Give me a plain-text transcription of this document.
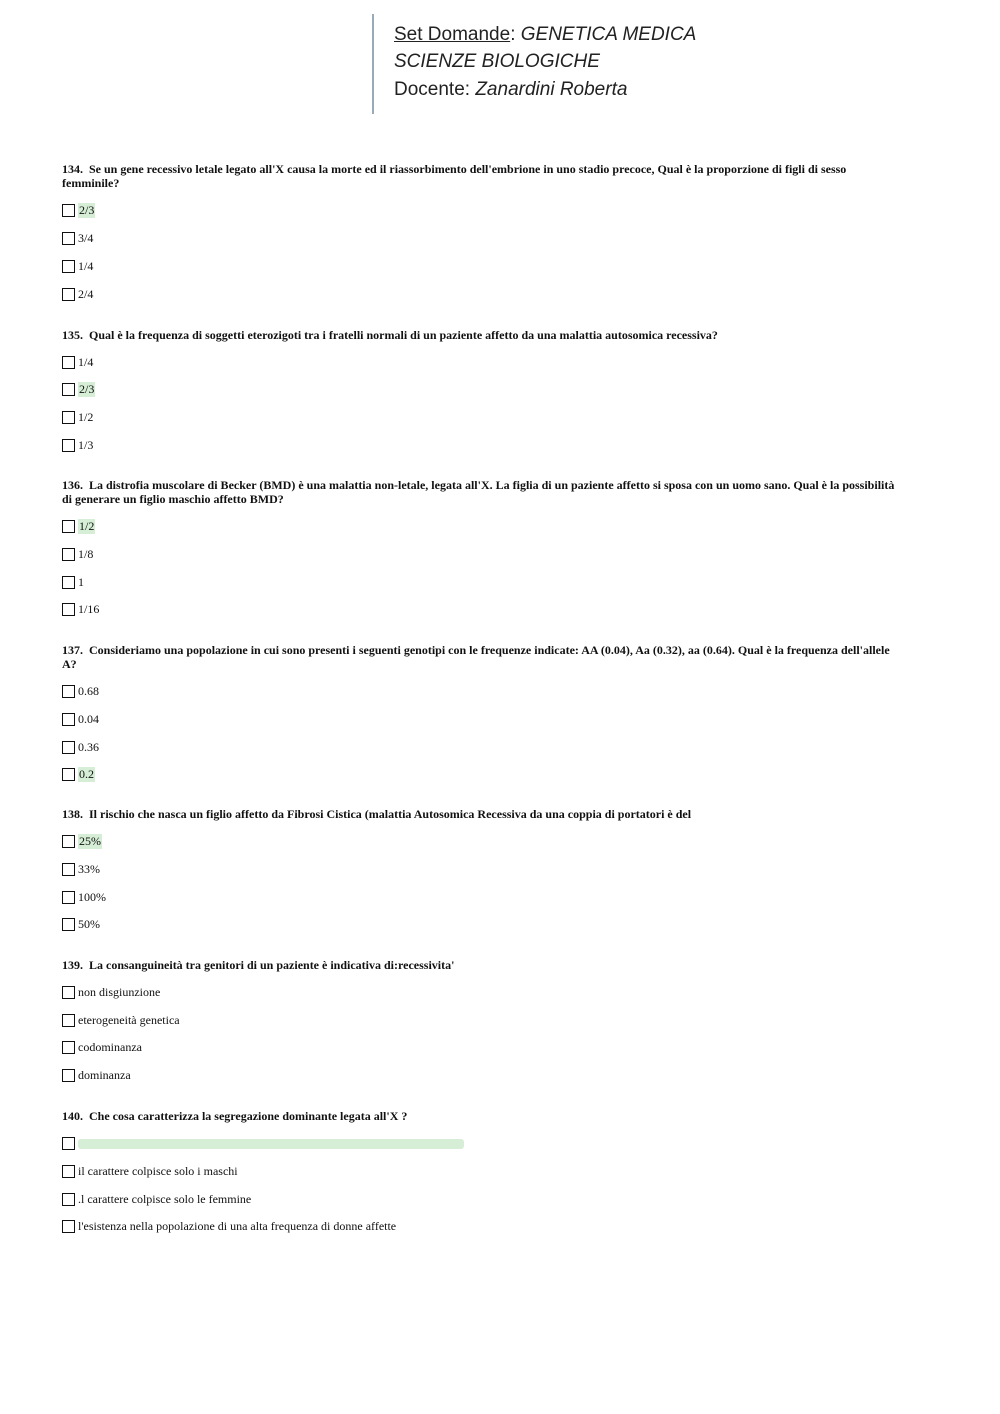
Set Domande: GENETICA MEDICA
SCIENZE BIOLOGICHE
Docente: Zanardini Roberta
134. Se un gene recessivo letale legato all'X causa la morte ed il riassorbimento dell'embrione in uno stadio precoce, Qual è la proporzione di figli di sesso femminile?
2/3
3/4
1/4
2/4
135. Qual è la frequenza di soggetti eterozigoti tra i fratelli normali di un paziente affetto da una malattia autosomica recessiva?
1/4
2/3
1/2
1/3
136. La distrofia muscolare di Becker (BMD) è una malattia non-letale, legata all'X. La figlia di un paziente affetto si sposa con un uomo sano. Qual è la possibilità di generare un figlio maschio affetto BMD?
1/2
1/8
1
1/16
137. Consideriamo una popolazione in cui sono presenti i seguenti genotipi con le frequenze indicate: AA (0.04), Aa (0.32), aa (0.64). Qual è la frequenza dell'allele A?
0.68
0.04
0.36
0.2
138. Il rischio che nasca un figlio affetto da Fibrosi Cistica (malattia Autosomica Recessiva da una coppia di portatori è del
25%
33%
100%
50%
139. La consanguineità tra genitori di un paziente è indicativa di:recessivita'
non disgiunzione
eterogeneità genetica
codominanza
dominanza
140. Che cosa caratterizza la segregazione dominante legata all'X ?
il carattere colpisce solo i maschi
.l carattere colpisce solo le femmine
l'esistenza nella popolazione di una alta frequenza di donne affette
